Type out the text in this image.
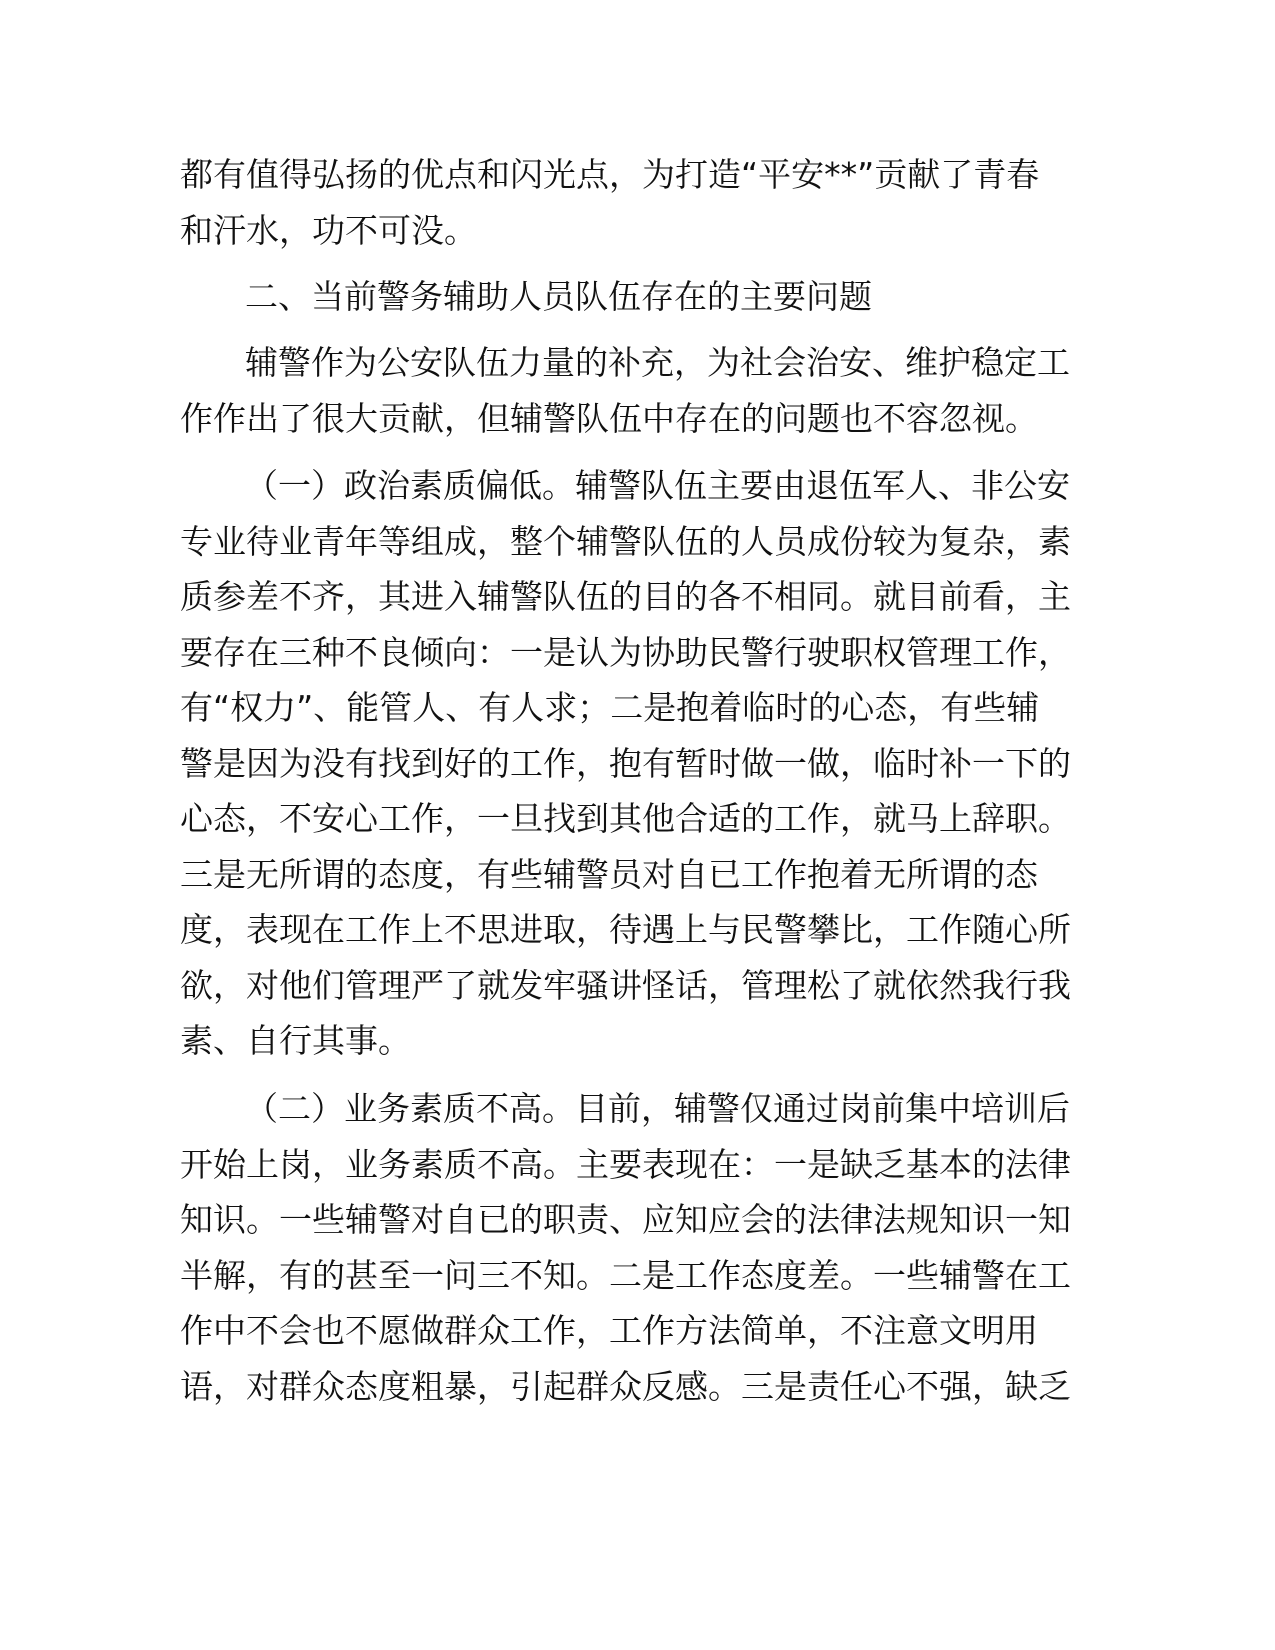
都有值得弘扬的优点和闪光点，为打造“平安**”贡献了青春
和汗水，功不可没。
二、当前警务辅助人员队伍存在的主要问题
辅警作为公安队伍力量的补充，为社会治安、维护稳定工
作作出了很大贡献，但辅警队伍中存在的问题也不容忽视。
（一）政治素质偏低。辅警队伍主要由退伍军人、非公安
专业待业青年等组成，整个辅警队伍的人员成份较为复杂，素
质参差不齐，其进入辅警队伍的目的各不相同。就目前看，主
要存在三种不良倾向：一是认为协助民警行驶职权管理工作，
有“权力”、能管人、有人求；二是抱着临时的心态，有些辅
警是因为没有找到好的工作，抱有暂时做一做，临时补一下的
心态，不安心工作，一旦找到其他合适的工作，就马上辞职。
三是无所谓的态度，有些辅警员对自已工作抱着无所谓的态
度，表现在工作上不思进取，待遇上与民警攀比，工作随心所
欲，对他们管理严了就发牢骚讲怪话，管理松了就依然我行我
素、自行其事。
（二）业务素质不高。目前，辅警仅通过岗前集中培训后
开始上岗，业务素质不高。主要表现在：一是缺乏基本的法律
知识。一些辅警对自已的职责、应知应会的法律法规知识一知
半解，有的甚至一问三不知。二是工作态度差。一些辅警在工
作中不会也不愿做群众工作，工作方法简单，不注意文明用
语，对群众态度粗暴，引起群众反感。三是责任心不强，缺乏
